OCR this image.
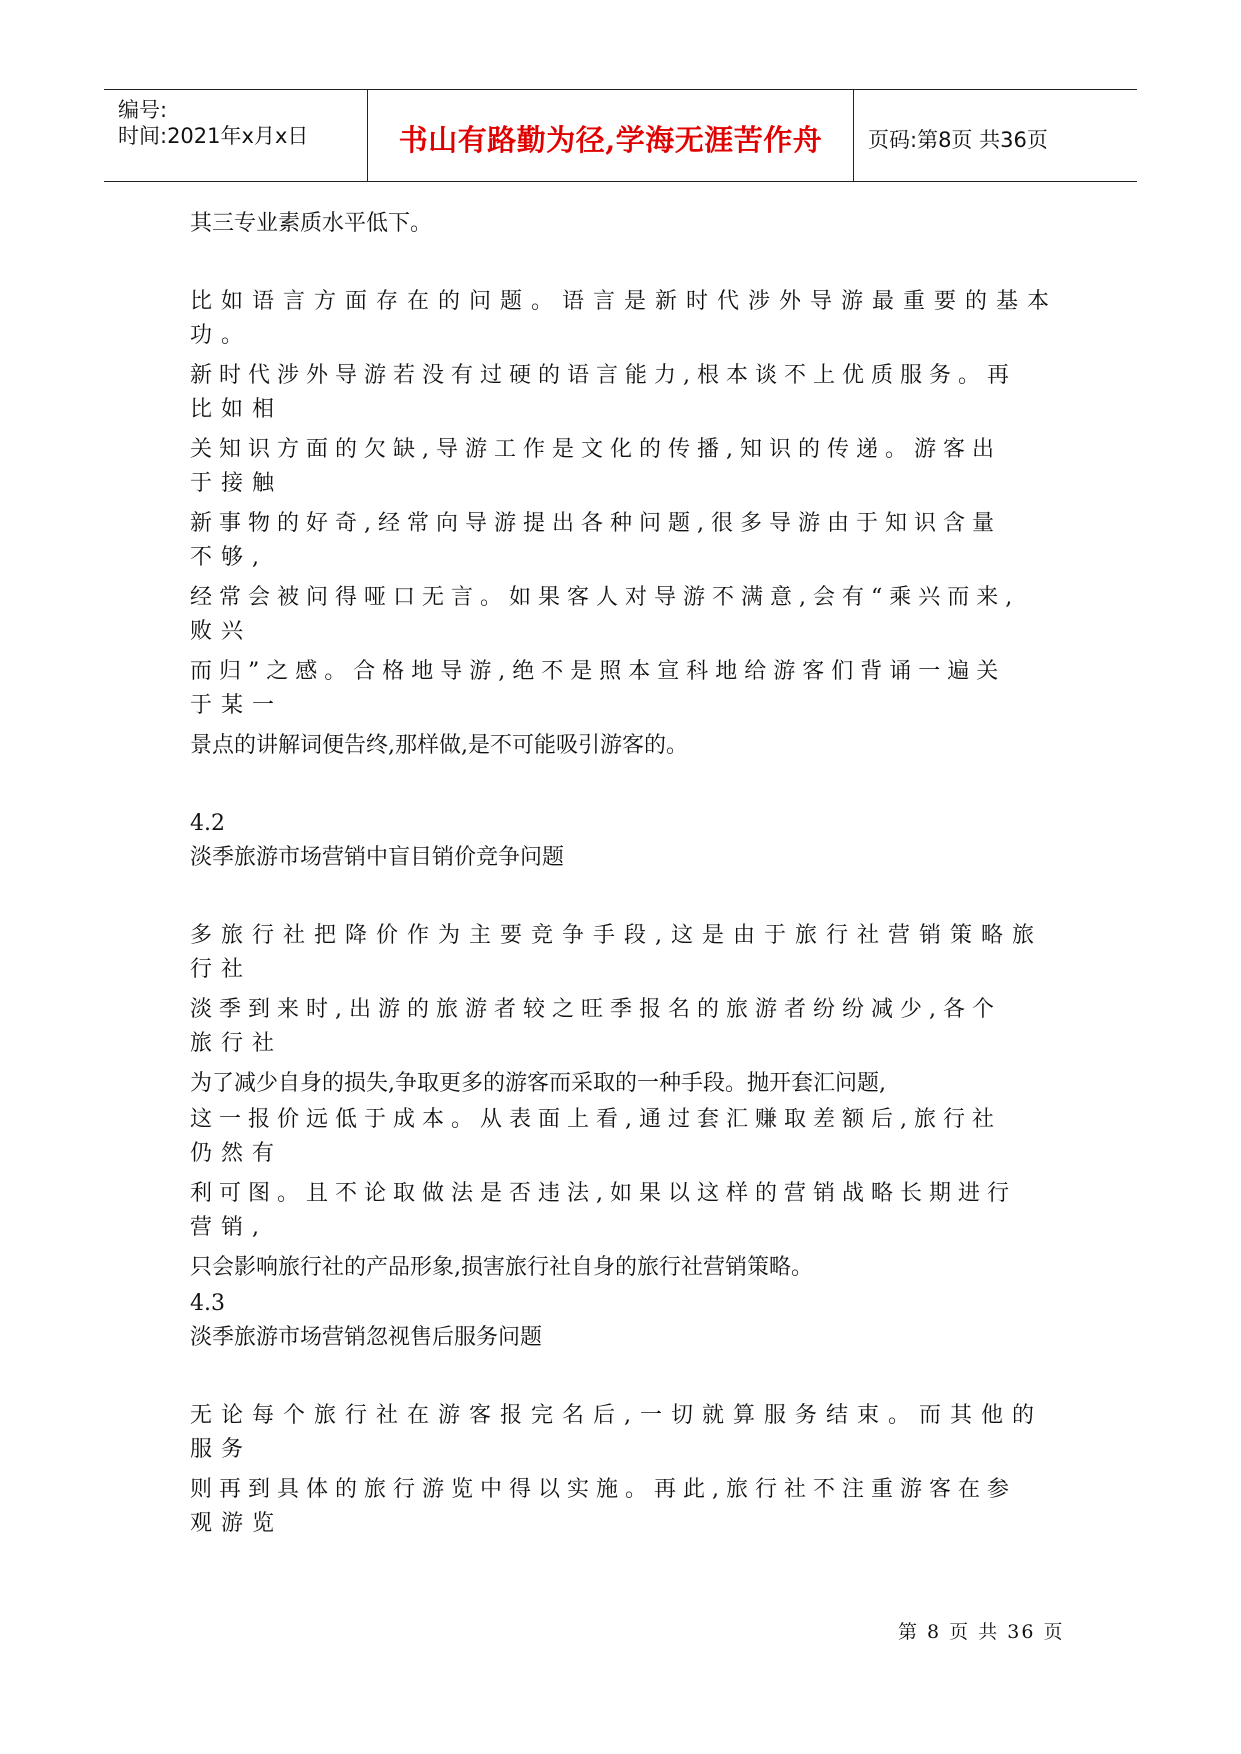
编号:
时间:2021年x月x日	书山有路勤为径,学海无涯苦作舟	页码:第8页 共36页
其三专业素质水平低下。
比如语言方面存在的问题。语言是新时代涉外导游最重要的基本
功。
新时代涉外导游若没有过硬的语言能力,根本谈不上优质服务。再
比如相
关知识方面的欠缺,导游工作是文化的传播,知识的传递。游客出
于接触
新事物的好奇,经常向导游提出各种问题,很多导游由于知识含量
不够,
经常会被问得哑口无言。如果客人对导游不满意,会有“乘兴而来,
败兴
而归”之感。合格地导游,绝不是照本宣科地给游客们背诵一遍关
于某一
景点的讲解词便告终,那样做,是不可能吸引游客的。
4.2
淡季旅游市场营销中盲目销价竞争问题
多旅行社把降价作为主要竞争手段,这是由于旅行社营销策略旅
行社
淡季到来时,出游的旅游者较之旺季报名的旅游者纷纷减少,各个
旅行社
为了减少自身的损失,争取更多的游客而采取的一种手段。抛开套汇问题,
这一报价远低于成本。从表面上看,通过套汇赚取差额后,旅行社
仍然有
利可图。且不论取做法是否违法,如果以这样的营销战略长期进行
营销,
只会影响旅行社的产品形象,损害旅行社自身的旅行社营销策略。
4.3
淡季旅游市场营销忽视售后服务问题
无论每个旅行社在游客报完名后,一切就算服务结束。而其他的
服务
则再到具体的旅行游览中得以实施。再此,旅行社不注重游客在参
观游览
第 8 页 共 36 页
